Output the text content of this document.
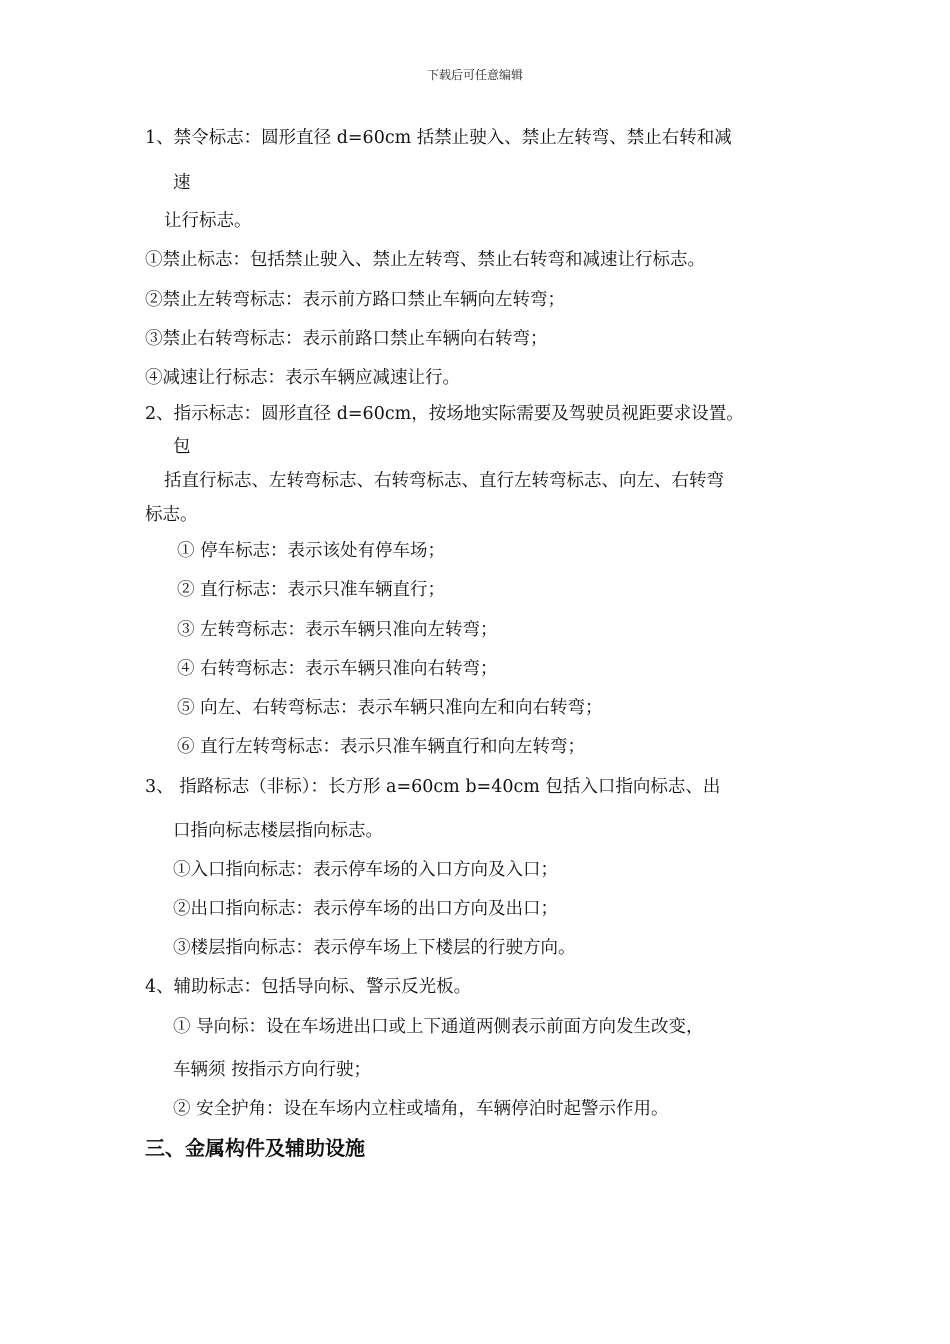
下载后可任意编辑
1、禁令标志：圆形直径 d=60cm 括禁止驶入、禁止左转弯、禁止右转和减
速
让行标志。
①禁止标志：包括禁止驶入、禁止左转弯、禁止右转弯和减速让行标志。
②禁止左转弯标志：表示前方路口禁止车辆向左转弯；
③禁止右转弯标志：表示前路口禁止车辆向右转弯；
④减速让行标志：表示车辆应减速让行。
2、指示标志：圆形直径 d=60cm，按场地实际需要及驾驶员视距要求设置。
包
括直行标志、左转弯标志、右转弯标志、直行左转弯标志、向左、右转弯
标志。
① 停车标志：表示该处有停车场；
② 直行标志：表示只准车辆直行；
③ 左转弯标志：表示车辆只准向左转弯；
④ 右转弯标志：表示车辆只准向右转弯；
⑤ 向左、右转弯标志：表示车辆只准向左和向右转弯；
⑥ 直行左转弯标志：表示只准车辆直行和向左转弯；
3、 指路标志（非标）：长方形 a=60cm b=40cm 包括入口指向标志、出
口指向标志楼层指向标志。
①入口指向标志：表示停车场的入口方向及入口；
②出口指向标志：表示停车场的出口方向及出口；
③楼层指向标志：表示停车场上下楼层的行驶方向。
4、辅助标志：包括导向标、警示反光板。
① 导向标：设在车场进出口或上下通道两侧表示前面方向发生改变，
车辆须 按指示方向行驶；
② 安全护角：设在车场内立柱或墙角，车辆停泊时起警示作用。
三、金属构件及辅助设施
